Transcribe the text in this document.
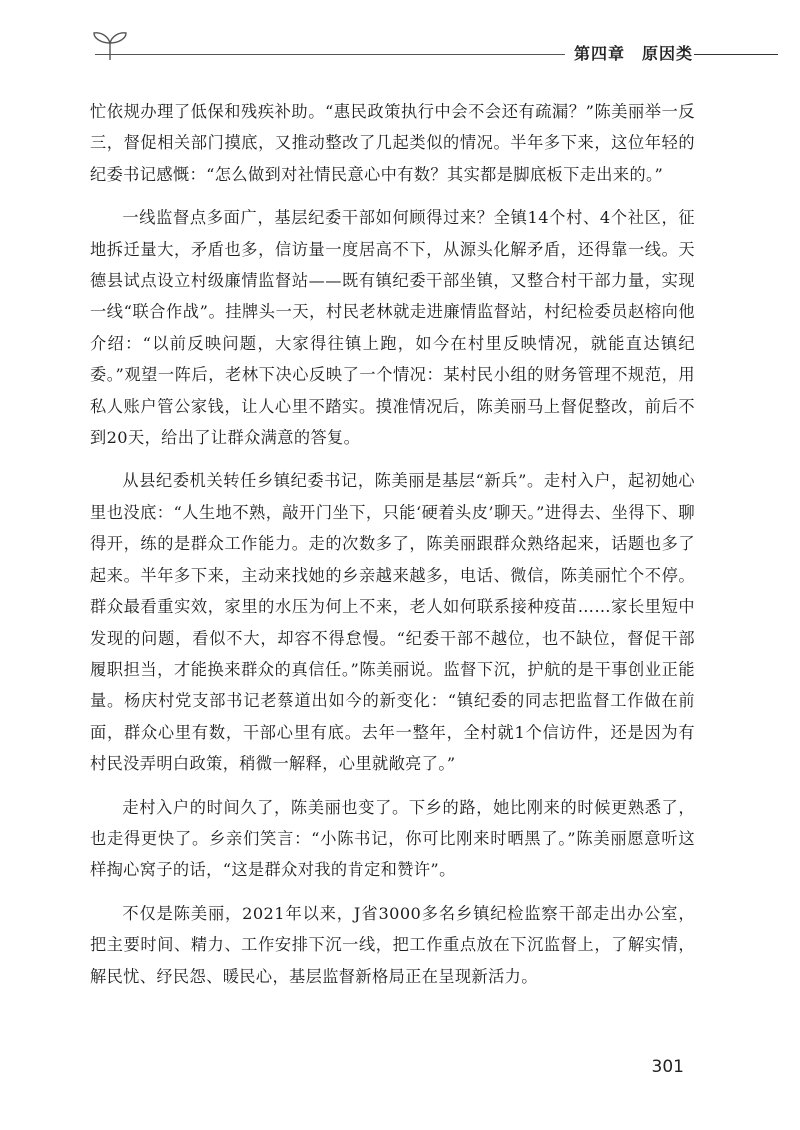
第四章　原因类

忙依规办理了低保和残疾补助。“惠民政策执行中会不会还有疏漏？”陈美丽举一反三，督促相关部门摸底，又推动整改了几起类似的情况。半年多下来，这位年轻的纪委书记感慨：“怎么做到对社情民意心中有数？其实都是脚底板下走出来的。”

一线监督点多面广，基层纪委干部如何顾得过来？全镇14个村、4个社区，征地拆迁量大，矛盾也多，信访量一度居高不下，从源头化解矛盾，还得靠一线。天德县试点设立村级廉情监督站——既有镇纪委干部坐镇，又整合村干部力量，实现一线“联合作战”。挂牌头一天，村民老林就走进廉情监督站，村纪检委员赵榕向他介绍：“以前反映问题，大家得往镇上跑，如今在村里反映情况，就能直达镇纪委。”观望一阵后，老林下决心反映了一个情况：某村民小组的财务管理不规范，用私人账户管公家钱，让人心里不踏实。摸准情况后，陈美丽马上督促整改，前后不到20天，给出了让群众满意的答复。

从县纪委机关转任乡镇纪委书记，陈美丽是基层“新兵”。走村入户，起初她心里也没底：“人生地不熟，敲开门坐下，只能‘硬着头皮’聊天。”进得去、坐得下、聊得开，练的是群众工作能力。走的次数多了，陈美丽跟群众熟络起来，话题也多了起来。半年多下来，主动来找她的乡亲越来越多，电话、微信，陈美丽忙个不停。群众最看重实效，家里的水压为何上不来，老人如何联系接种疫苗……家长里短中发现的问题，看似不大，却容不得怠慢。“纪委干部不越位，也不缺位，督促干部履职担当，才能换来群众的真信任。”陈美丽说。监督下沉，护航的是干事创业正能量。杨庆村党支部书记老蔡道出如今的新变化：“镇纪委的同志把监督工作做在前面，群众心里有数，干部心里有底。去年一整年，全村就1个信访件，还是因为有村民没弄明白政策，稍微一解释，心里就敞亮了。”

走村入户的时间久了，陈美丽也变了。下乡的路，她比刚来的时候更熟悉了，也走得更快了。乡亲们笑言：“小陈书记，你可比刚来时晒黑了。”陈美丽愿意听这样掏心窝子的话，“这是群众对我的肯定和赞许”。

不仅是陈美丽，2021年以来，J省3000多名乡镇纪检监察干部走出办公室，把主要时间、精力、工作安排下沉一线，把工作重点放在下沉监督上，了解实情，解民忧、纾民怨、暖民心，基层监督新格局正在呈现新活力。

301
